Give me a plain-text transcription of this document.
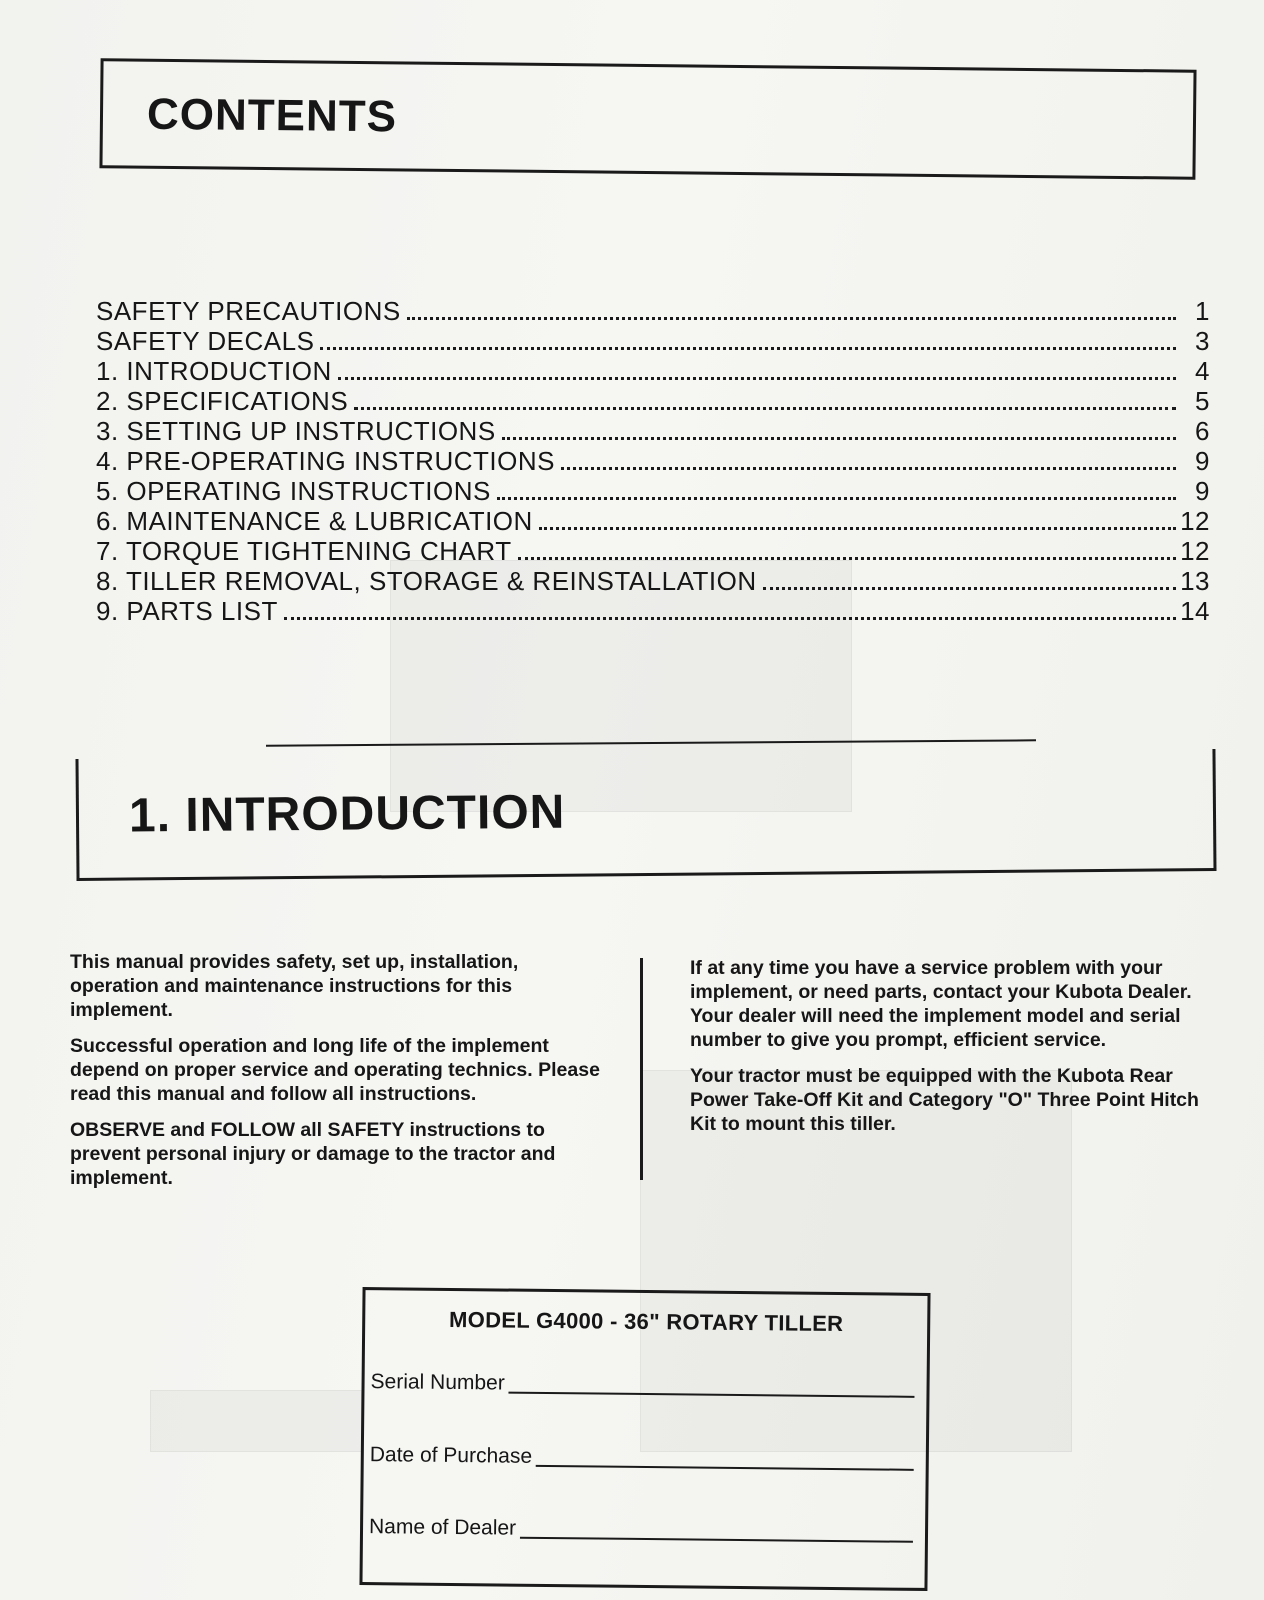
CONTENTS
SAFETY PRECAUTIONS	1
SAFETY DECALS	3
1. INTRODUCTION	4
2. SPECIFICATIONS	5
3. SETTING UP INSTRUCTIONS	6
4. PRE-OPERATING INSTRUCTIONS	9
5. OPERATING INSTRUCTIONS	9
6. MAINTENANCE & LUBRICATION	12
7. TORQUE TIGHTENING CHART	12
8. TILLER REMOVAL, STORAGE & REINSTALLATION	13
9. PARTS LIST	14
1. INTRODUCTION

This manual provides safety, set up, installation, operation and maintenance instructions for this implement.

Successful operation and long life of the implement depend on proper service and operating technics. Please read this manual and follow all instructions.

OBSERVE and FOLLOW all SAFETY instructions to prevent personal injury or damage to the tractor and implement.

If at any time you have a service problem with your implement, or need parts, contact your Kubota Dealer. Your dealer will need the implement model and serial number to give you prompt, efficient service.

Your tractor must be equipped with the Kubota Rear Power Take-Off Kit and Category "O" Three Point Hitch Kit to mount this tiller.

MODEL G4000 - 36" ROTARY TILLER
Serial Number
Date of Purchase
Name of Dealer
